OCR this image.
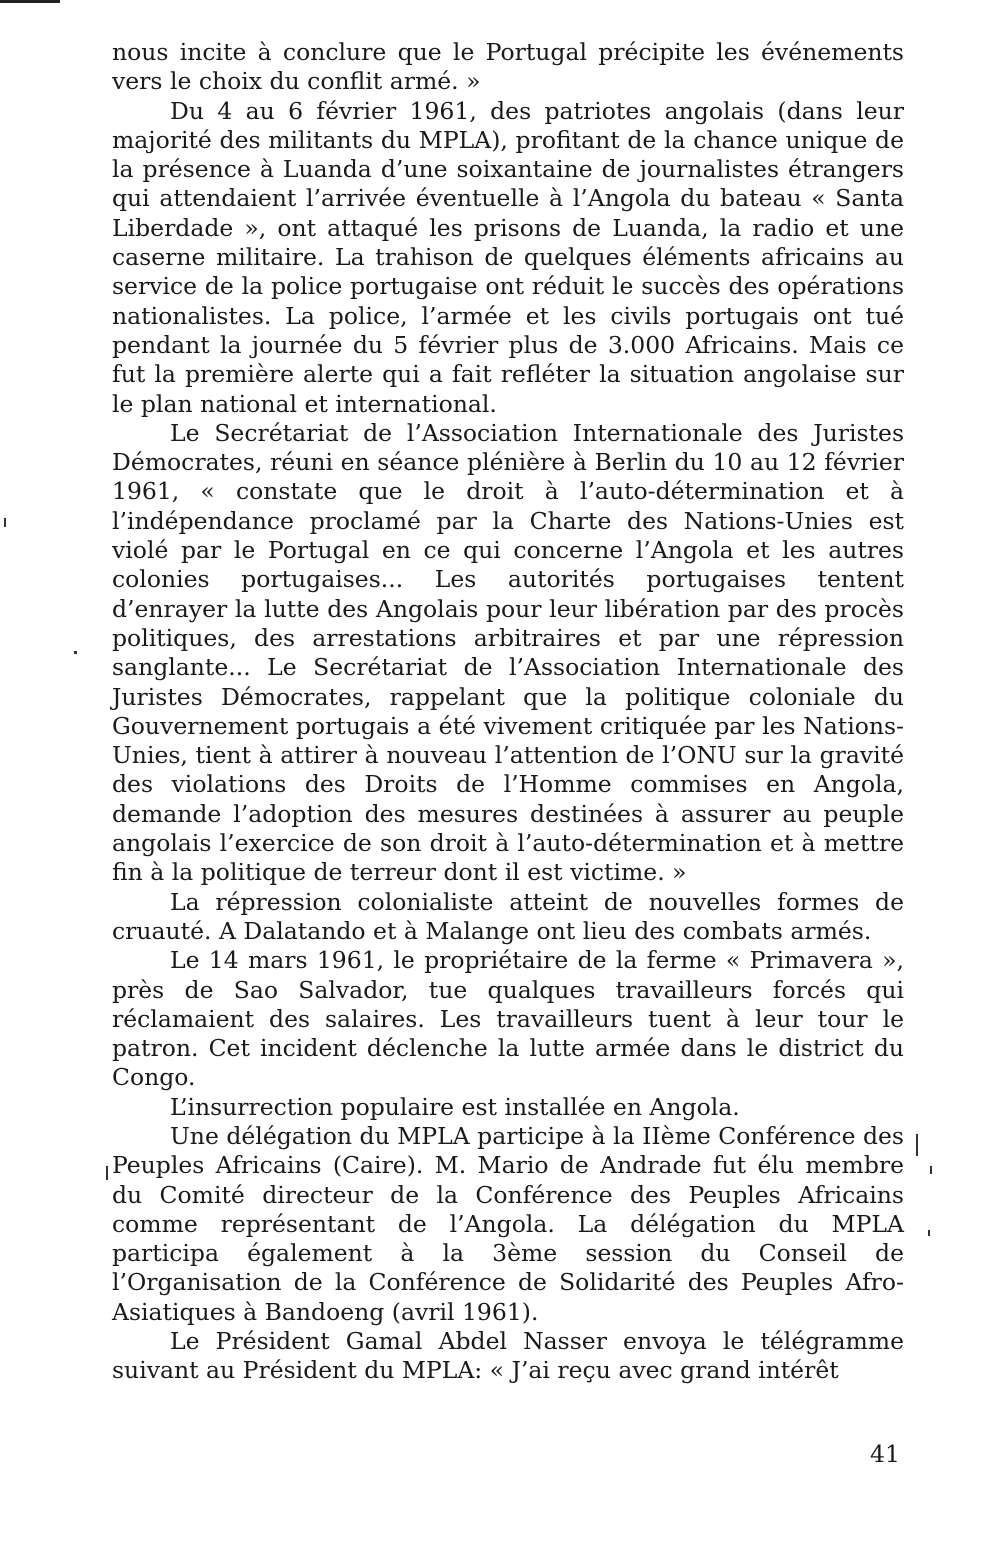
nous incite à conclure que le Portugal précipite les événements vers le choix du conflit armé. »

Du 4 au 6 février 1961, des patriotes angolais (dans leur majorité des militants du MPLA), profitant de la chance unique de la présence à Luanda d’une soixantaine de journalistes étrangers qui attendaient l’arrivée éventuelle à l’Angola du bateau « Santa Liberdade », ont attaqué les prisons de Luanda, la radio et une caserne militaire. La trahison de quelques éléments africains au service de la police portugaise ont réduit le succès des opérations nationalistes. La police, l’armée et les civils portugais ont tué pendant la journée du 5 février plus de 3.000 Africains. Mais ce fut la première alerte qui a fait refléter la situation angolaise sur le plan national et international.

Le Secrétariat de l’Association Internationale des Juristes Démocrates, réuni en séance plénière à Berlin du 10 au 12 février 1961, « constate que le droit à l’auto-détermination et à l’indépendance proclamé par la Charte des Nations-Unies est violé par le Portugal en ce qui concerne l’Angola et les autres colonies portugaises... Les autorités portugaises tentent d’enrayer la lutte des Angolais pour leur libération par des procès politiques, des arrestations arbitraires et par une répression sanglante... Le Secrétariat de l’Association Internationale des Juristes Démocrates, rappelant que la politique coloniale du Gouvernement portugais a été vivement critiquée par les Nations-Unies, tient à attirer à nouveau l’attention de l’ONU sur la gravité des violations des Droits de l’Homme commises en Angola, demande l’adoption des mesures destinées à assurer au peuple angolais l’exercice de son droit à l’auto-détermination et à mettre fin à la politique de terreur dont il est victime. »

La répression colonialiste atteint de nouvelles formes de cruauté. A Dalatando et à Malange ont lieu des combats armés.

Le 14 mars 1961, le propriétaire de la ferme « Primavera », près de Sao Salvador, tue qualques travailleurs forcés qui réclamaient des salaires. Les travailleurs tuent à leur tour le patron. Cet incident déclenche la lutte armée dans le district du Congo.

L’insurrection populaire est installée en Angola.

Une délégation du MPLA participe à la IIème Conférence des Peuples Africains (Caire). M. Mario de Andrade fut élu membre du Comité directeur de la Conférence des Peuples Africains comme représentant de l’Angola. La délégation du MPLA participa également à la 3ème session du Conseil de l’Organisation de la Conférence de Solidarité des Peuples Afro-Asiatiques à Bandoeng (avril 1961).

Le Président Gamal Abdel Nasser envoya le télégramme suivant au Président du MPLA: « J’ai reçu avec grand intérêt

41
